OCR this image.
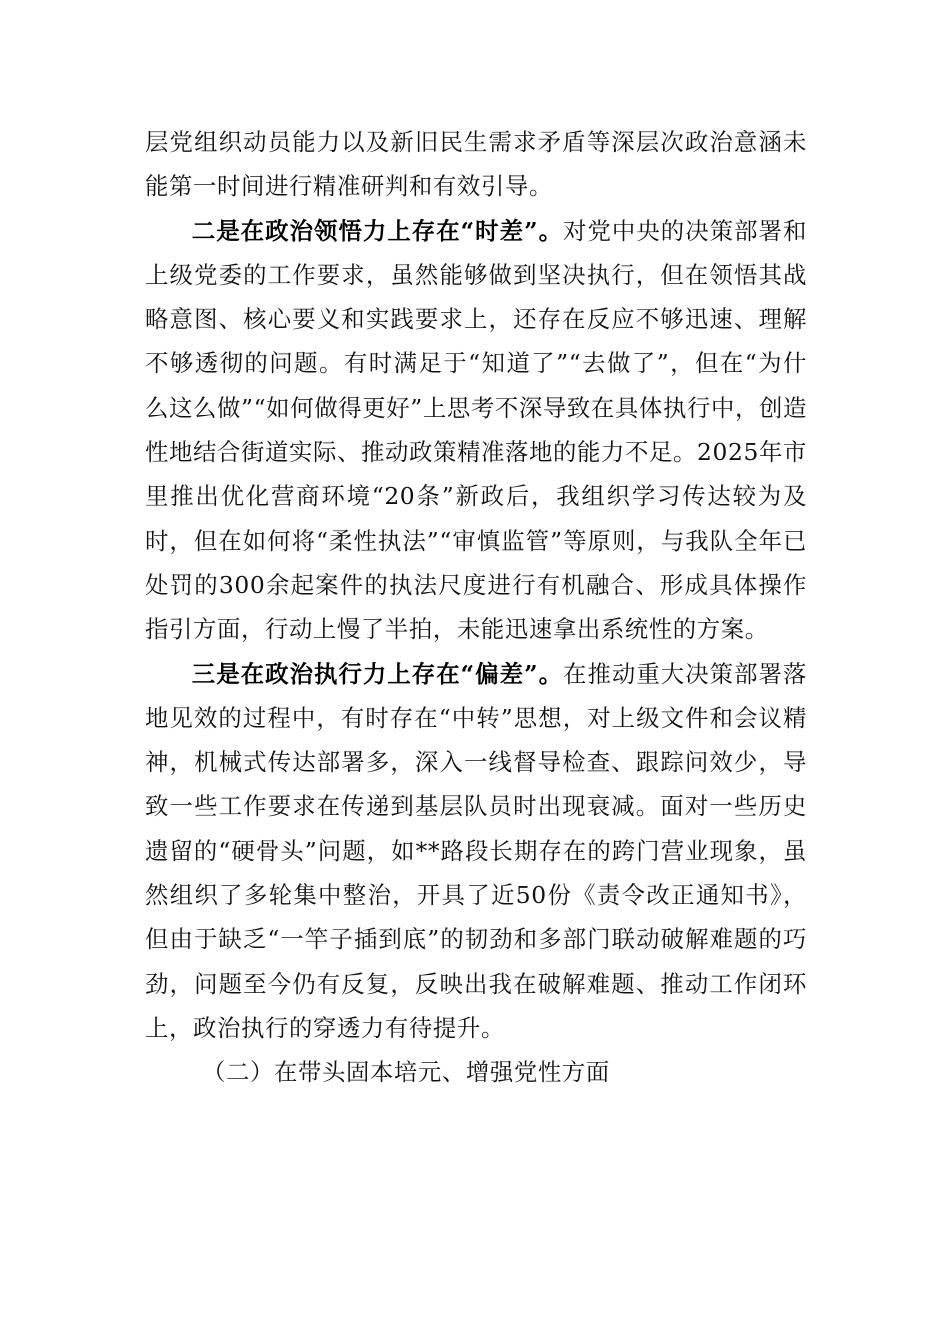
层党组织动员能力以及新旧民生需求矛盾等深层次政治意涵未能第一时间进行精准研判和有效引导。

二是在政治领悟力上存在“时差”。对党中央的决策部署和上级党委的工作要求，虽然能够做到坚决执行，但在领悟其战略意图、核心要义和实践要求上，还存在反应不够迅速、理解不够透彻的问题。有时满足于“知道了”“去做了”，但在“为什么这么做”“如何做得更好”上思考不深导致在具体执行中，创造性地结合街道实际、推动政策精准落地的能力不足。2025年市里推出优化营商环境“20条”新政后，我组织学习传达较为及时，但在如何将“柔性执法”“审慎监管”等原则，与我队全年已处罚的300余起案件的执法尺度进行有机融合、形成具体操作指引方面，行动上慢了半拍，未能迅速拿出系统性的方案。

三是在政治执行力上存在“偏差”。在推动重大决策部署落地见效的过程中，有时存在“中转”思想，对上级文件和会议精神，机械式传达部署多，深入一线督导检查、跟踪问效少，导致一些工作要求在传递到基层队员时出现衰减。面对一些历史遗留的“硬骨头”问题，如**路段长期存在的跨门营业现象，虽然组织了多轮集中整治，开具了近50份《责令改正通知书》，但由于缺乏“一竿子插到底”的韧劲和多部门联动破解难题的巧劲，问题至今仍有反复，反映出我在破解难题、推动工作闭环上，政治执行的穿透力有待提升。

（二）在带头固本培元、增强党性方面
